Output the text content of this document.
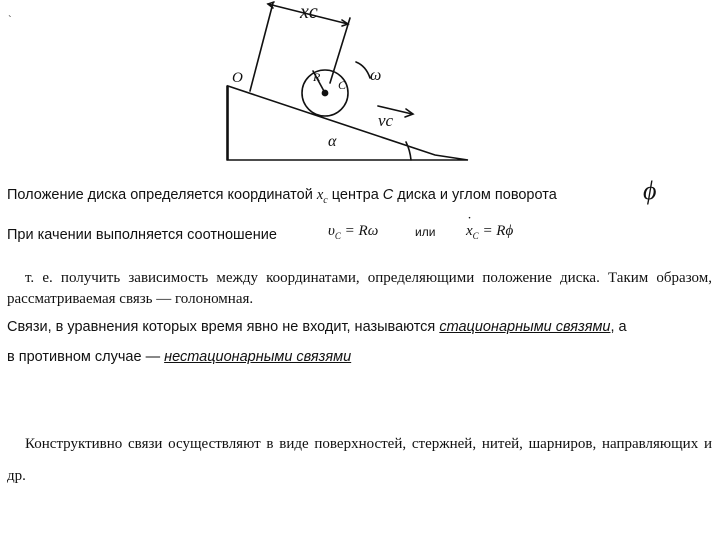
`	xc
O	R
C
ω
vc
α
Положение диска определяется координатой $x_c$ центра С диска и углом поворота	ϕ
При качении выполняется соотношение	$\upsilon_C = R\omega$	или
˙ $x_C = R\phi$
т. е. получить зависимость между координатами, определяющими положение диска. Таким образом, рассматриваемая связь — голономная.
Связи, в уравнения которых время явно не входит, называются стационарными связями, а
в противном случае — нестационарными связями
Конструктивно связи осуществляют в виде поверхностей, стержней, нитей, шарниров, направляющих и др.
